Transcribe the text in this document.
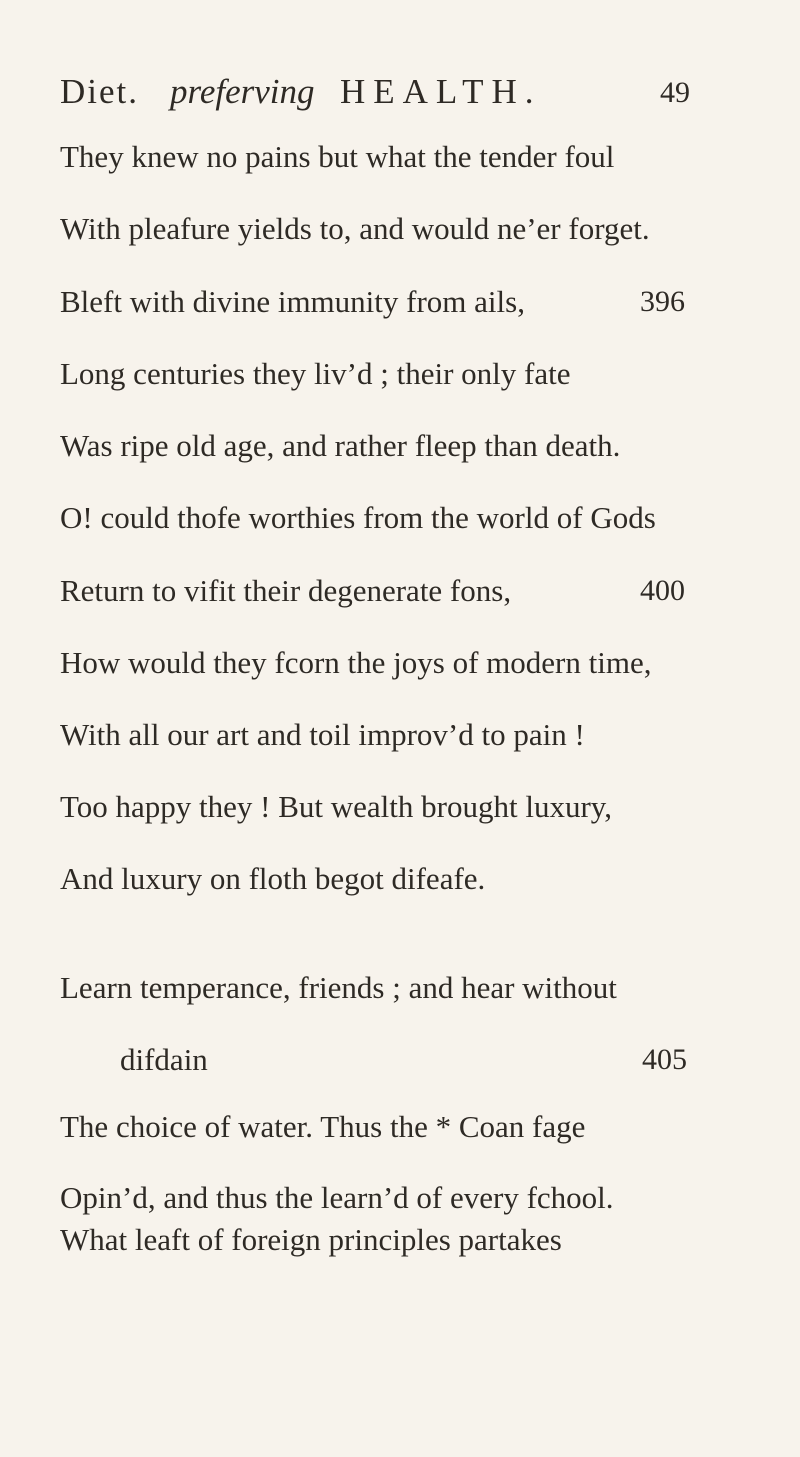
Diet. preferving HEALTH.	49
They knew no pains but what the tender foul
With pleafure yields to, and would ne’er forget.
Bleft with divine immunity from ails,	396
Long centuries they liv’d ; their only fate
Was ripe old age, and rather fleep than death.
O! could thofe worthies from the world of Gods
Return to vifit their degenerate fons,	400
How would they fcorn the joys of modern time,
With all our art and toil improv’d to pain !
Too happy they ! But wealth brought luxury,
And luxury on floth begot difeafe.
Learn temperance, friends ; and hear without
difdain	405
The choice of water. Thus the * Coan fage
Opin’d, and thus the learn’d of every fchool.
What leaft of foreign principles partakes
